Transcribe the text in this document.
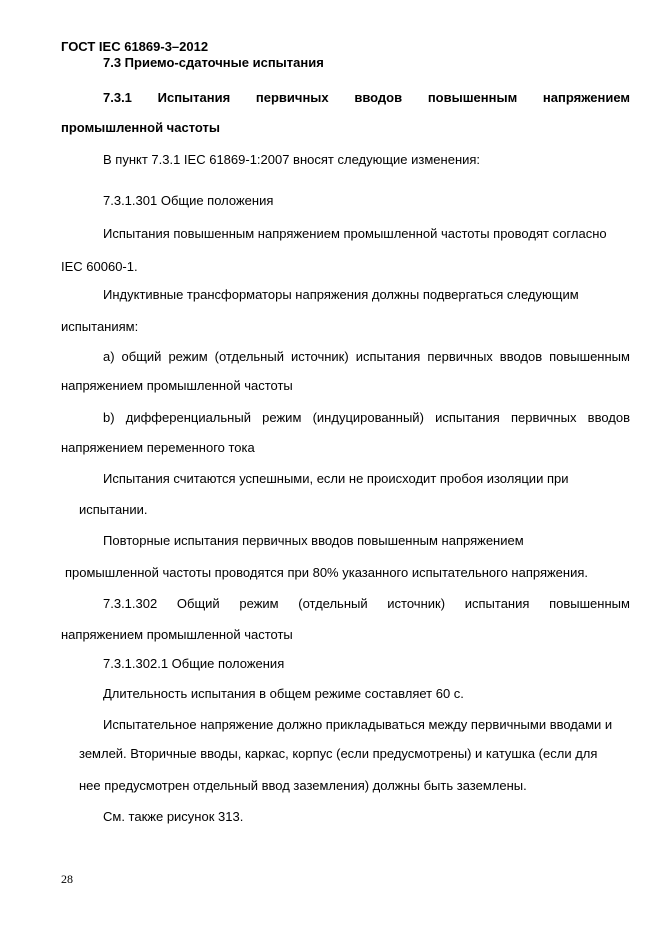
ГОСТ IEC 61869-3–2012
7.3 Приемо-сдаточные испытания
7.3.1 Испытания первичных вводов повышенным напряжением
промышленной частоты
В пункт 7.3.1 IEC 61869-1:2007 вносят следующие изменения:
7.3.1.301 Общие положения
Испытания повышенным напряжением промышленной частоты проводят согласно
IEC 60060-1.
Индуктивные трансформаторы напряжения должны подвергаться следующим
испытаниям:
a) общий режим (отдельный источник) испытания первичных вводов повышенным
напряжением промышленной частоты
b) дифференциальный режим (индуцированный) испытания первичных вводов
напряжением переменного тока
Испытания считаются успешными, если не происходит пробоя изоляции при
испытании.
Повторные испытания первичных вводов повышенным напряжением
промышленной частоты проводятся при 80% указанного испытательного напряжения.
7.3.1.302 Общий режим (отдельный источник) испытания повышенным
напряжением промышленной частоты
7.3.1.302.1 Общие положения
Длительность испытания в общем режиме составляет 60 с.
Испытательное напряжение должно прикладываться между первичными вводами и
землей. Вторичные вводы, каркас, корпус (если предусмотрены) и катушка (если для
нее предусмотрен отдельный ввод заземления) должны быть заземлены.
См. также рисунок 313.
28
